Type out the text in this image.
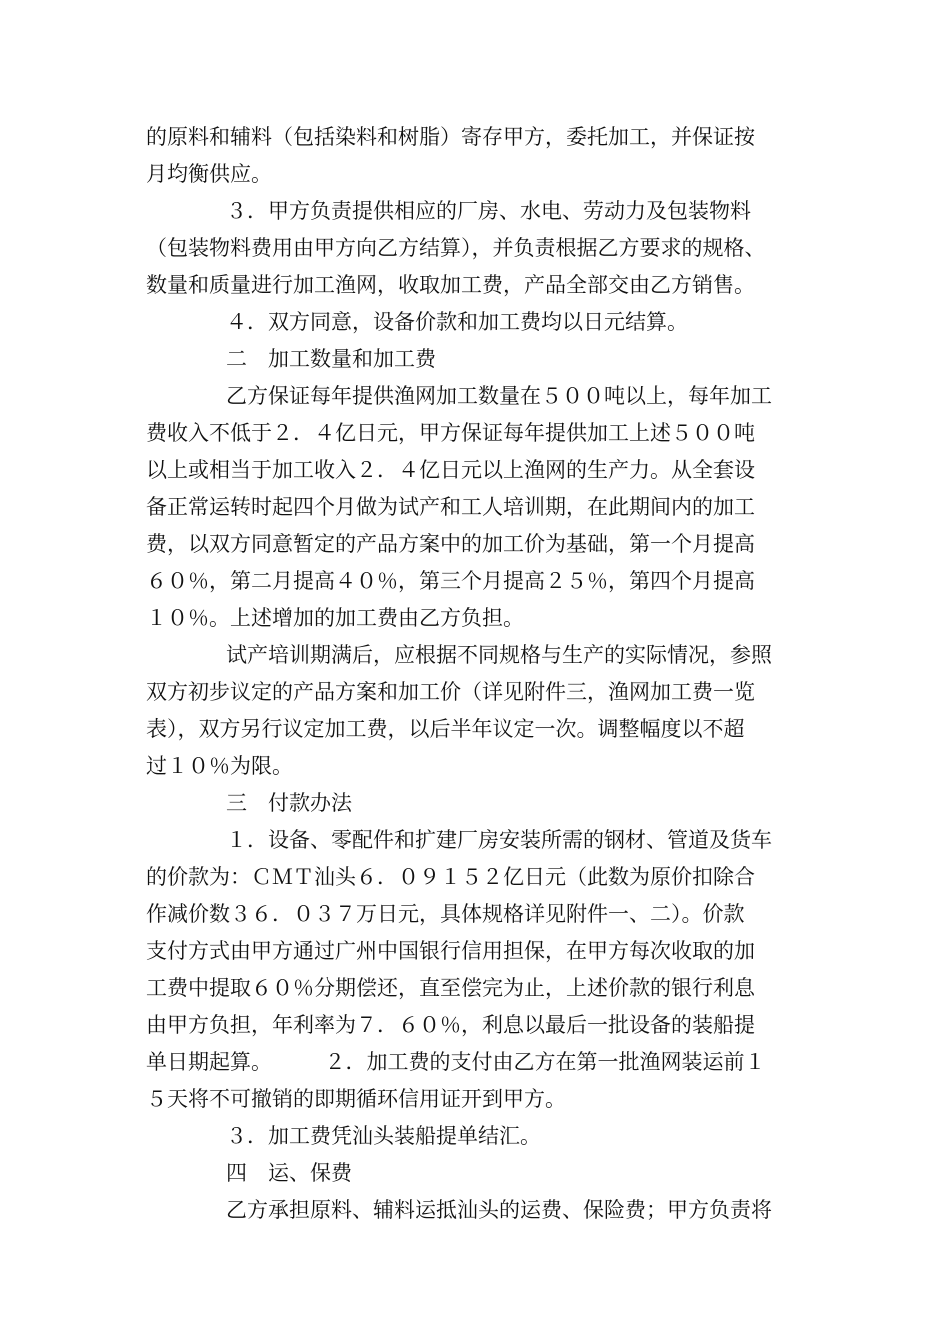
的原料和辅料（包括染料和树脂）寄存甲方，委托加工，并保证按
月均衡供应。
３．甲方负责提供相应的厂房、水电、劳动力及包装物料
（包装物料费用由甲方向乙方结算），并负责根据乙方要求的规格、
数量和质量进行加工渔网，收取加工费，产品全部交由乙方销售。
４．双方同意，设备价款和加工费均以日元结算。
二　加工数量和加工费
乙方保证每年提供渔网加工数量在５００吨以上，每年加工
费收入不低于２．４亿日元，甲方保证每年提供加工上述５００吨
以上或相当于加工收入２．４亿日元以上渔网的生产力。从全套设
备正常运转时起四个月做为试产和工人培训期，在此期间内的加工
费，以双方同意暂定的产品方案中的加工价为基础，第一个月提高
６０％，第二月提高４０％，第三个月提高２５％，第四个月提高
１０％。上述增加的加工费由乙方负担。
试产培训期满后，应根据不同规格与生产的实际情况，参照
双方初步议定的产品方案和加工价（详见附件三，渔网加工费一览
表），双方另行议定加工费，以后半年议定一次。调整幅度以不超
过１０％为限。
三　付款办法
１．设备、零配件和扩建厂房安装所需的钢材、管道及货车
的价款为：ＣＭＴ汕头６．０９１５２亿日元（此数为原价扣除合
作减价数３６．０３７万日元，具体规格详见附件一、二）。价款
支付方式由甲方通过广州中国银行信用担保，在甲方每次收取的加
工费中提取６０％分期偿还，直至偿完为止，上述价款的银行利息
由甲方负担，年利率为７．６０％，利息以最后一批设备的装船提
单日期起算。　　　２．加工费的支付由乙方在第一批渔网装运前１
５天将不可撤销的即期循环信用证开到甲方。
３．加工费凭汕头装船提单结汇。
四　运、保费
乙方承担原料、辅料运抵汕头的运费、保险费；甲方负责将
